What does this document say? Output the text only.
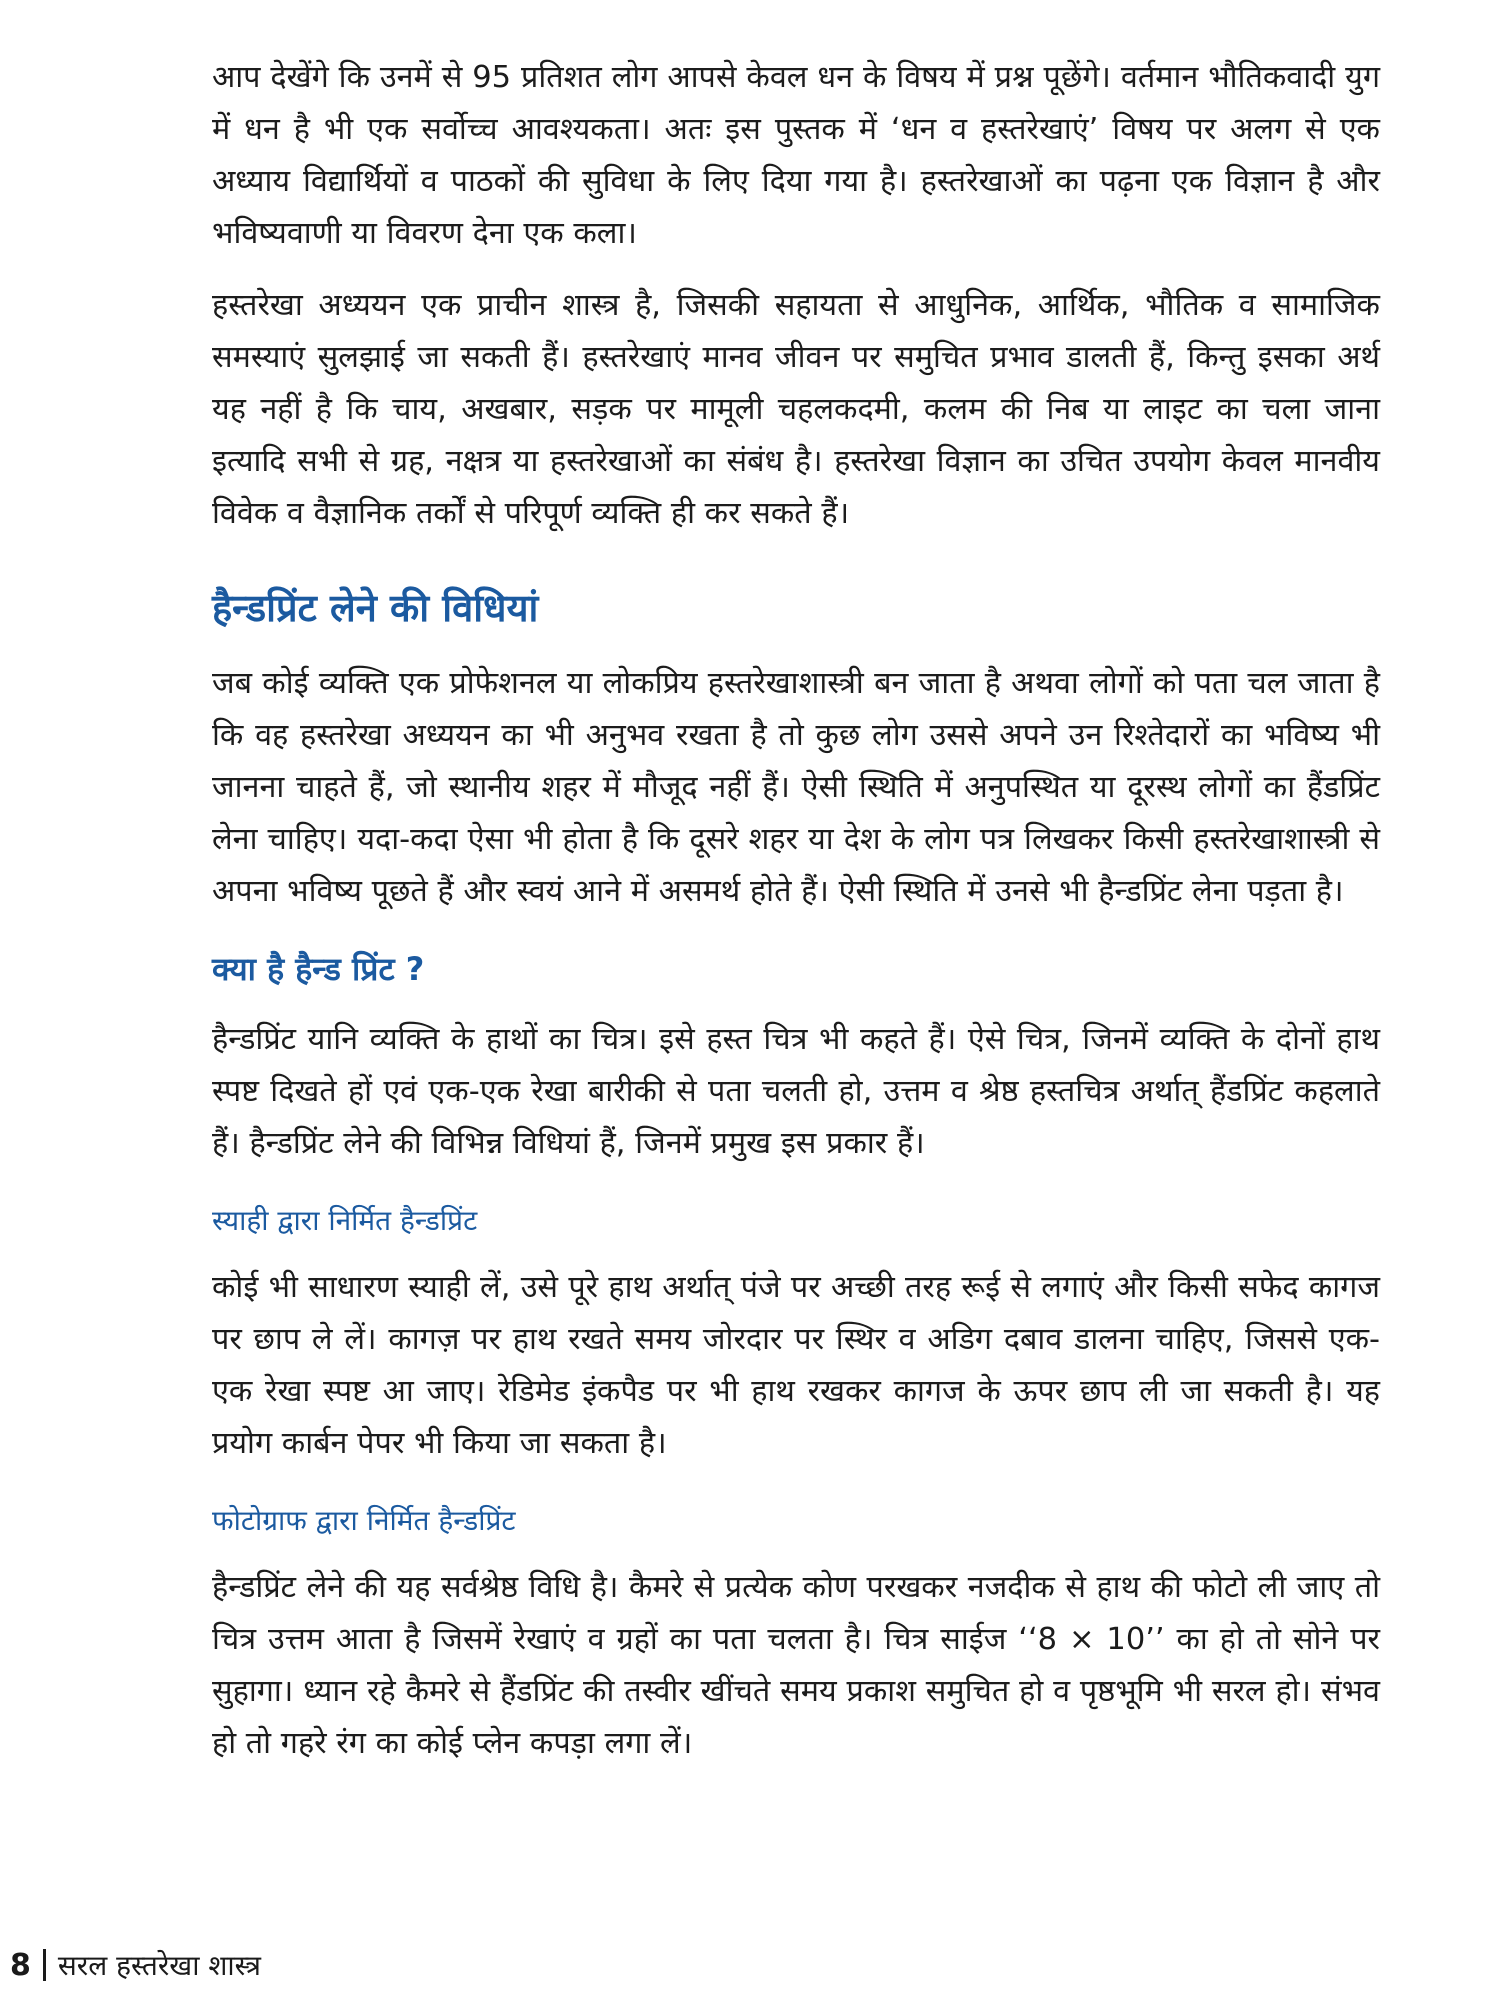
आप देखेंगे कि उनमें से 95 प्रतिशत लोग आपसे केवल धन के विषय में प्रश्न पूछेंगे। वर्तमान भौतिकवादी युग में धन है भी एक सर्वोच्च आवश्यकता। अतः इस पुस्तक में ‘धन व हस्तरेखाएं’ विषय पर अलग से एक अध्याय विद्यार्थियों व पाठकों की सुविधा के लिए दिया गया है। हस्तरेखाओं का पढ़ना एक विज्ञान है और भविष्यवाणी या विवरण देना एक कला।

हस्तरेखा अध्ययन एक प्राचीन शास्त्र है, जिसकी सहायता से आधुनिक, आर्थिक, भौतिक व सामाजिक समस्याएं सुलझाई जा सकती हैं। हस्तरेखाएं मानव जीवन पर समुचित प्रभाव डालती हैं, किन्तु इसका अर्थ यह नहीं है कि चाय, अखबार, सड़क पर मामूली चहलकदमी, कलम की निब या लाइट का चला जाना इत्यादि सभी से ग्रह, नक्षत्र या हस्तरेखाओं का संबंध है। हस्तरेखा विज्ञान का उचित उपयोग केवल मानवीय विवेक व वैज्ञानिक तर्कों से परिपूर्ण व्यक्ति ही कर सकते हैं।

हैन्डप्रिंट लेने की विधियां

जब कोई व्यक्ति एक प्रोफेशनल या लोकप्रिय हस्तरेखाशास्त्री बन जाता है अथवा लोगों को पता चल जाता है कि वह हस्तरेखा अध्ययन का भी अनुभव रखता है तो कुछ लोग उससे अपने उन रिश्तेदारों का भविष्य भी जानना चाहते हैं, जो स्थानीय शहर में मौजूद नहीं हैं। ऐसी स्थिति में अनुपस्थित या दूरस्थ लोगों का हैंडप्रिंट लेना चाहिए। यदा-कदा ऐसा भी होता है कि दूसरे शहर या देश के लोग पत्र लिखकर किसी हस्तरेखाशास्त्री से अपना भविष्य पूछते हैं और स्वयं आने में असमर्थ होते हैं। ऐसी स्थिति में उनसे भी हैन्डप्रिंट लेना पड़ता है।

क्या है हैन्ड प्रिंट ?

हैन्डप्रिंट यानि व्यक्ति के हाथों का चित्र। इसे हस्त चित्र भी कहते हैं। ऐसे चित्र, जिनमें व्यक्ति के दोनों हाथ स्पष्ट दिखते हों एवं एक-एक रेखा बारीकी से पता चलती हो, उत्तम व श्रेष्ठ हस्तचित्र अर्थात् हैंडप्रिंट कहलाते हैं। हैन्डप्रिंट लेने की विभिन्न विधियां हैं, जिनमें प्रमुख इस प्रकार हैं।

स्याही द्वारा निर्मित हैन्डप्रिंट

कोई भी साधारण स्याही लें, उसे पूरे हाथ अर्थात् पंजे पर अच्छी तरह रूई से लगाएं और किसी सफेद कागज पर छाप ले लें। कागज़ पर हाथ रखते समय जोरदार पर स्थिर व अडिग दबाव डालना चाहिए, जिससे एक-एक रेखा स्पष्ट आ जाए। रेडिमेड इंकपैड पर भी हाथ रखकर कागज के ऊपर छाप ली जा सकती है। यह प्रयोग कार्बन पेपर भी किया जा सकता है।

फोटोग्राफ द्वारा निर्मित हैन्डप्रिंट

हैन्डप्रिंट लेने की यह सर्वश्रेष्ठ विधि है। कैमरे से प्रत्येक कोण परखकर नजदीक से हाथ की फोटो ली जाए तो चित्र उत्तम आता है जिसमें रेखाएं व ग्रहों का पता चलता है। चित्र साईज ‘‘8 × 10’’ का हो तो सोने पर सुहागा। ध्यान रहे कैमरे से हैंडप्रिंट की तस्वीर खींचते समय प्रकाश समुचित हो व पृष्ठभूमि भी सरल हो। संभव हो तो गहरे रंग का कोई प्लेन कपड़ा लगा लें।

8 सरल हस्तरेखा शास्त्र
